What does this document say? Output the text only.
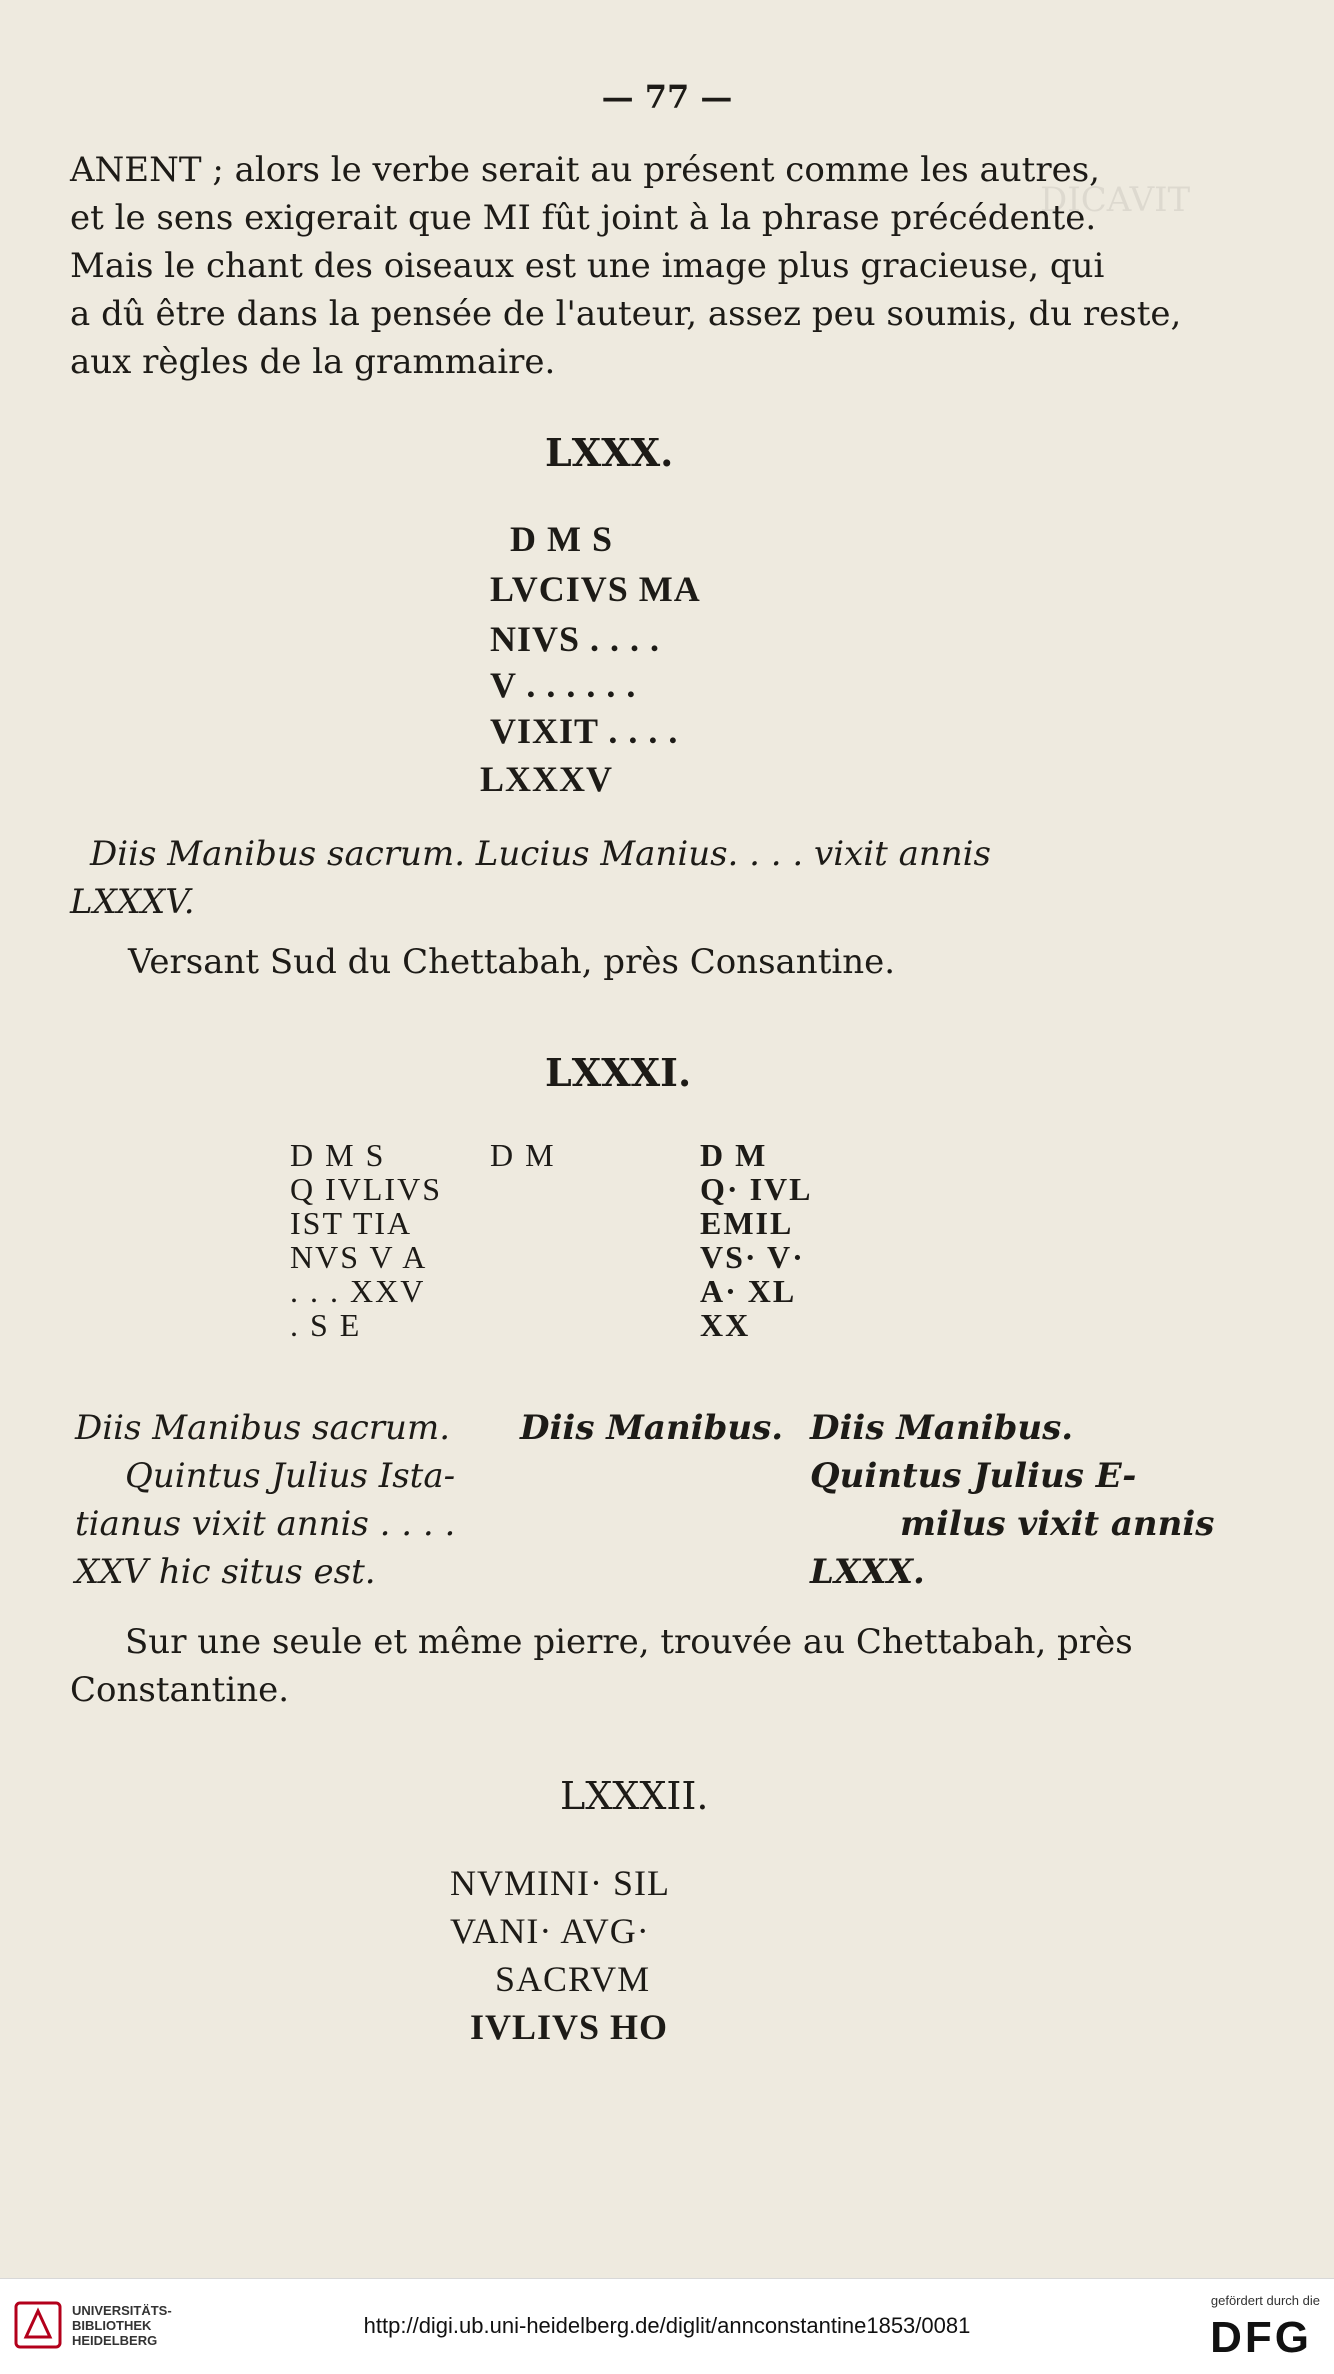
DICAVIT
— 77 —
ANENT ; alors le verbe serait au présent comme les autres,
et le sens exigerait que MI fût joint à la phrase précédente.
Mais le chant des oiseaux est une image plus gracieuse, qui
a dû être dans la pensée de l'auteur, assez peu soumis, du reste,
aux règles de la grammaire.
LXXX.
D M S
LVCIVS MA
NIVS . . . .
V . . . . . .
VIXIT . . . .
LXXXV
Diis Manibus sacrum. Lucius Manius. . . . vixit annis
LXXXV.
Versant Sud du Chettabah, près Consantine.
LXXXI.
D M S
Q IVLIVS
IST TIA
NVS V A
. . . XXV
. S E
D M	D M
Q· IVL
EMIL
VS· V·
A· XL
XX
Diis Manibus sacrum.
Quintus Julius Ista-
tianus vixit annis . . . .
XXV hic situs est.
Diis Manibus. Diis Manibus.
Quintus Julius E-
milus vixit annis
LXXX.
Sur une seule et même pierre, trouvée au Chettabah, près
Constantine.
LXXXII.
NVMINI· SIL
VANI· AVG·
SACRVM
IVLIVS HO
UNIVERSITÄTS-
BIBLIOTHEK
HEIDELBERG
http://digi.ub.uni-heidelberg.de/diglit/annconstantine1853/0081
gefördert durch die
DFG
